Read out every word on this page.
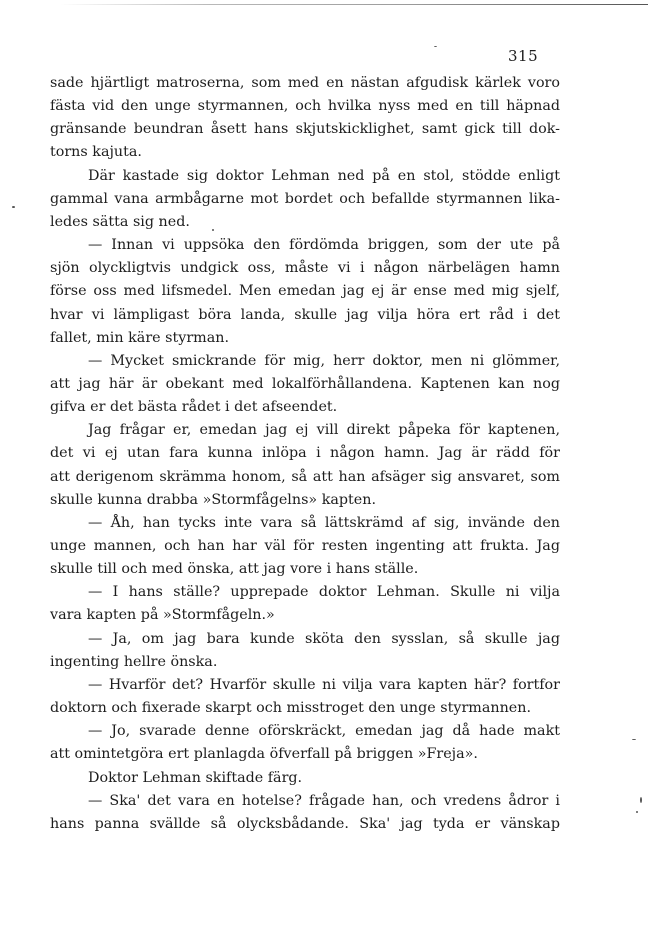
315
sade hjärtligt matroserna, som med en nästan afgudisk kärlek voro
fästa vid den unge styrmannen, och hvilka nyss med en till häpnad
gränsande beundran åsett hans skjutskicklighet, samt gick till dok-
torns kajuta.
Där kastade sig doktor Lehman ned på en stol, stödde enligt
gammal vana armbågarne mot bordet och befallde styrmannen lika-
ledes sätta sig ned.
— Innan vi uppsöka den fördömda briggen, som der ute på
sjön olyckligtvis undgick oss, måste vi i någon närbelägen hamn
förse oss med lifsmedel. Men emedan jag ej är ense med mig sjelf,
hvar vi lämpligast böra landa, skulle jag vilja höra ert råd i det
fallet, min käre styrman.
— Mycket smickrande för mig, herr doktor, men ni glömmer,
att jag här är obekant med lokalförhållandena. Kaptenen kan nog
gifva er det bästa rådet i det afseendet.
Jag frågar er, emedan jag ej vill direkt påpeka för kaptenen,
det vi ej utan fara kunna inlöpa i någon hamn. Jag är rädd för
att derigenom skrämma honom, så att han afsäger sig ansvaret, som
skulle kunna drabba »Stormfågelns» kapten.
— Åh, han tycks inte vara så lättskrämd af sig, invände den
unge mannen, och han har väl för resten ingenting att frukta. Jag
skulle till och med önska, att jag vore i hans ställe.
— I hans ställe? upprepade doktor Lehman. Skulle ni vilja
vara kapten på »Stormfågeln.»
— Ja, om jag bara kunde sköta den sysslan, så skulle jag
ingenting hellre önska.
— Hvarför det? Hvarför skulle ni vilja vara kapten här? fortfor
doktorn och fixerade skarpt och misstroget den unge styrmannen.
— Jo, svarade denne oförskräckt, emedan jag då hade makt
att omintetgöra ert planlagda öfverfall på briggen »Freja».
Doktor Lehman skiftade färg.
— Ska' det vara en hotelse? frågade han, och vredens ådror i
hans panna svällde så olycksbådande. Ska' jag tyda er vänskap
